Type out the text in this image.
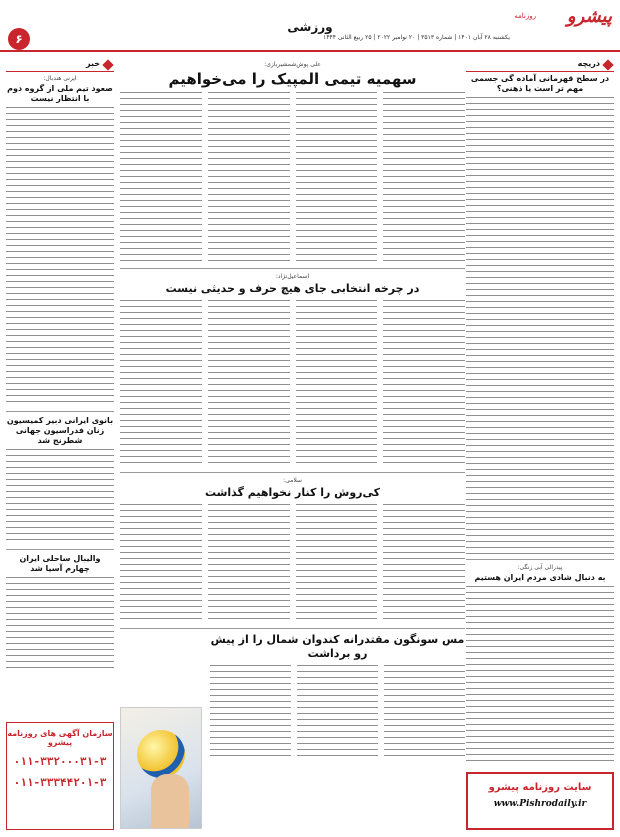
۶
ورزشی	پیشرو
روزنامه
یکشنبه ۲۸ آبان ۱۴۰۱ | شماره ۳۵۱۳ | ۲۰ نوامبر ۲۰۲۲ | ۲۵ ربیع الثانی ۱۴۴۴
دریچه
در سطح قهرمانی آماده گی جسمی مهم تر است یا ذهنی؟
پیدرالی آبی زنگی:
به دنبال شادی مردم ایران هستیم
خبر
ایرنی هندبال:
صعود تیم ملی از گروه دوم با انتظار نیست
بانوی ایرانی دبیر کمیسیون زنان فدراسیون جهانی شطرنج شد
والیبال ساحلی ایران چهارم آسیا شد
علی پوش‌شمشیر‌بازی:
سهمیه تیمی المپیک را می‌خواهیم
اسماعیل‌نژاد:
در چرخه انتخابی جای هیچ حرف و حدیثی نیست
سلامی:
کی‌روش را کنار نخواهیم گذاشت
مس سونگون مقتدرانه کندوان شمال را از پیش رو برداشت
سازمان آگهی های روزنامه پیشرو
۰۱۱-۳۳۲۰۰۰۳۱-۳
۰۱۱-۳۳۳۴۴۲۰۱-۳	سایت روزنامه پیشرو
www.Pishrodaily.ir
